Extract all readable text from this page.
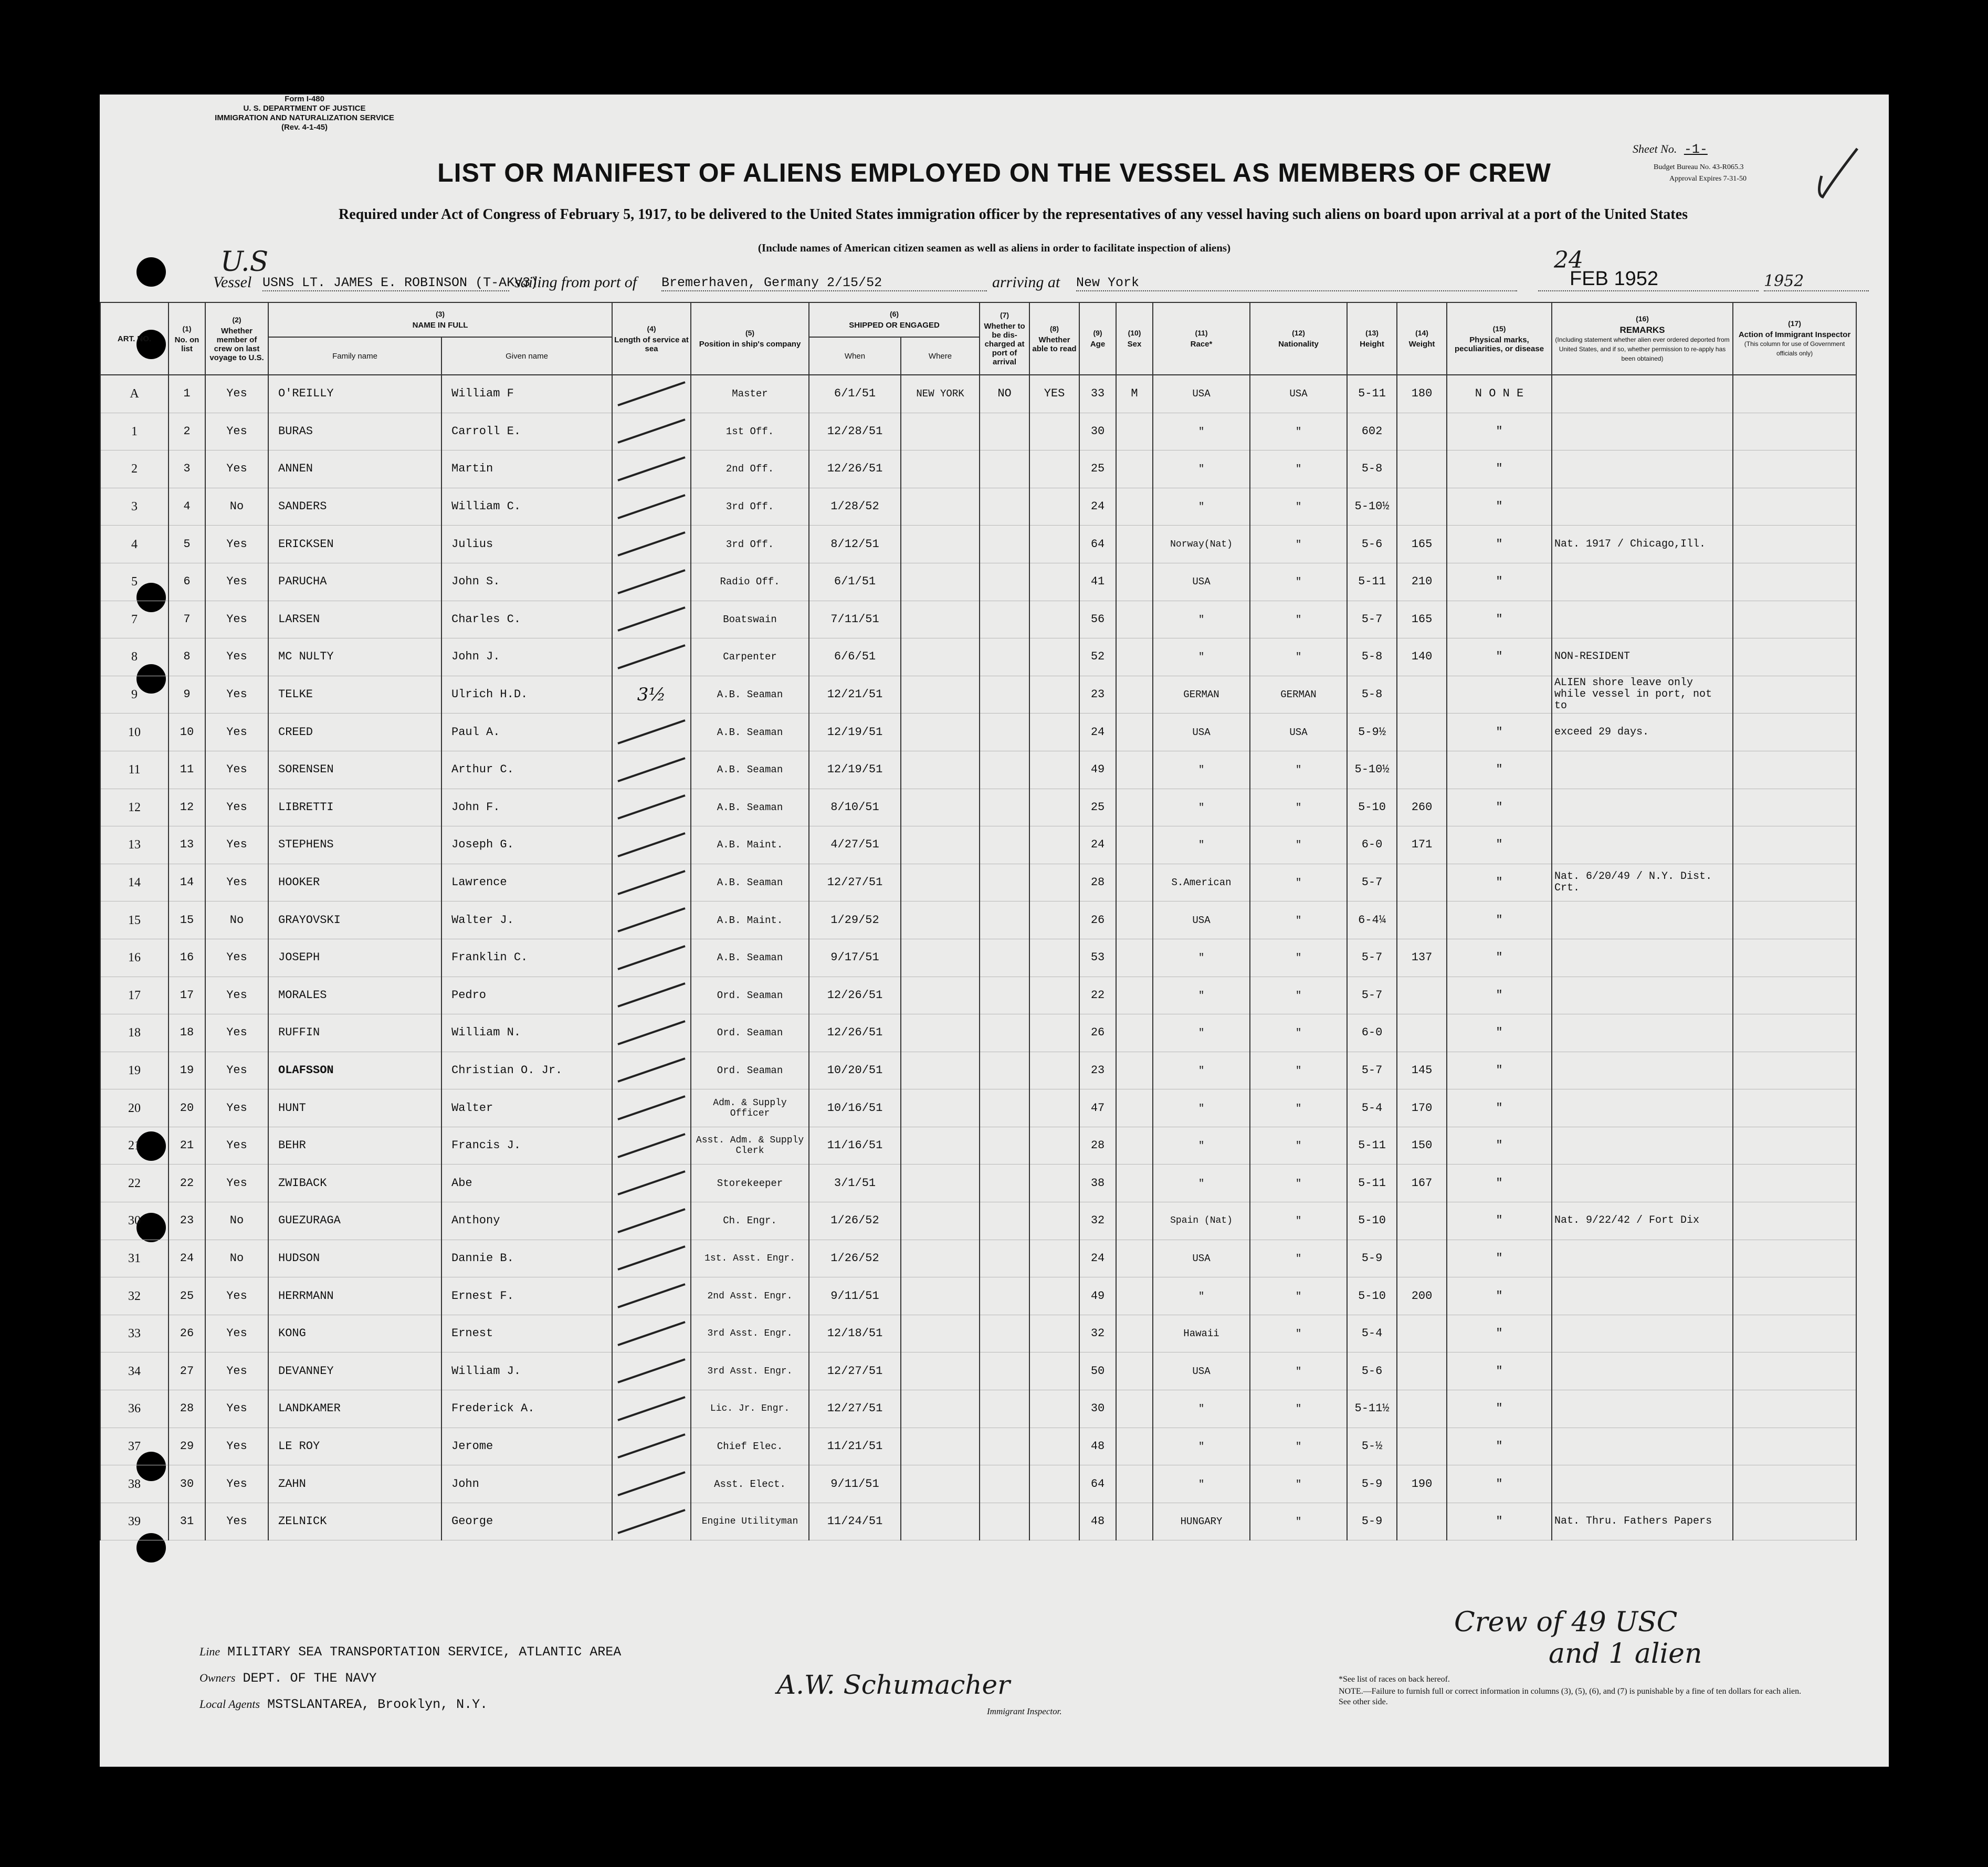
Form I-480
U. S. DEPARTMENT OF JUSTICE
IMMIGRATION AND NATURALIZATION SERVICE
(Rev. 4-1-45)
Sheet No. -1-
Budget Bureau No. 43-R065.3
Approval Expires 7-31-50
LIST OR MANIFEST OF ALIENS EMPLOYED ON THE VESSEL AS MEMBERS OF CREW
Required under Act of Congress of February 5, 1917, to be delivered to the United States immigration officer by the representatives of any vessel having such aliens on board upon arrival at a port of the United States
(Include names of American citizen seamen as well as aliens in order to facilitate inspection of aliens)
U.S
Vessel USNS LT. JAMES E. ROBINSON (T-AKV3)
sailing from port of Bremerhaven, Germany 2/15/52	arriving at New York
24
FEB 1952	1952
ART. NO.	(1)
No. on list	(2)
Whether member of crew on last voyage to U.S.	(3)
NAME IN FULL		(4)
Length of service at sea	(5)
Position in ship's company	(6)
SHIPPED OR ENGAGED		(7)
Whether to be dis-charged at port of arrival	(8)
Whether able to read	(9)
Age	(10)
Sex	(11)
Race*	(12)
Nationality	(13)
Height	(14)
Weight	(15)
Physical marks, peculiarities, or disease	(16)
REMARKS
(Including statement whether alien ever ordered deported from United States, and if so, whether permission to re-apply has been obtained)	(17)
Action of Immigrant Inspector
(This column for use of Government officials only)
			Family name	Given name			When	Where											
A	1	Yes	O'REILLY	William F		Master	6/1/51	NEW YORK	NO	YES	33	M	USA	USA	5-11	180	N O N E		
1	2	Yes	BURAS	Carroll E.		1st Off.	12/28/51				30		"	"	602		"		
2	3	Yes	ANNEN	Martin		2nd Off.	12/26/51				25		"	"	5-8		"		
3	4	No	SANDERS	William C.		3rd Off.	1/28/52				24		"	"	5-10½		"		
4	5	Yes	ERICKSEN	Julius		3rd Off.	8/12/51				64		Norway(Nat)	"	5-6	165	"	Nat. 1917 / Chicago,Ill.	
5	6	Yes	PARUCHA	John S.		Radio Off.	6/1/51				41		USA	"	5-11	210	"		
7	7	Yes	LARSEN	Charles C.		Boatswain	7/11/51				56		"	"	5-7	165	"		
8	8	Yes	MC NULTY	John J.		Carpenter	6/6/51				52		"	"	5-8	140	"	NON-RESIDENT	
9	9	Yes	TELKE	Ulrich H.D.	3½	A.B. Seaman	12/21/51				23		GERMAN	GERMAN	5-8			ALIEN shore leave only while vessel in port, not to	
10	10	Yes	CREED	Paul A.		A.B. Seaman	12/19/51				24		USA	USA	5-9½		"	exceed 29 days.	
11	11	Yes	SORENSEN	Arthur C.		A.B. Seaman	12/19/51				49		"	"	5-10½		"		
12	12	Yes	LIBRETTI	John F.		A.B. Seaman	8/10/51				25		"	"	5-10	260	"		
13	13	Yes	STEPHENS	Joseph G.		A.B. Maint.	4/27/51				24		"	"	6-0	171	"		
14	14	Yes	HOOKER	Lawrence		A.B. Seaman	12/27/51				28		S.American	"	5-7		"	Nat. 6/20/49 / N.Y. Dist. Crt.	
15	15	No	GRAYOVSKI	Walter J.		A.B. Maint.	1/29/52				26		USA	"	6-4¼		"		
16	16	Yes	JOSEPH	Franklin C.		A.B. Seaman	9/17/51				53		"	"	5-7	137	"		
17	17	Yes	MORALES	Pedro		Ord. Seaman	12/26/51				22		"	"	5-7		"		
18	18	Yes	RUFFIN	William N.		Ord. Seaman	12/26/51				26		"	"	6-0		"		
19	19	Yes	OLAFSSON	Christian O. Jr.		Ord. Seaman	10/20/51				23		"	"	5-7	145	"		
20	20	Yes	HUNT	Walter		Adm. & Supply Officer	10/16/51				47		"	"	5-4	170	"		
21	21	Yes	BEHR	Francis J.		Asst. Adm. & Supply Clerk	11/16/51				28		"	"	5-11	150	"		
22	22	Yes	ZWIBACK	Abe		Storekeeper	3/1/51				38		"	"	5-11	167	"		
30	23	No	GUEZURAGA	Anthony		Ch. Engr.	1/26/52				32		Spain (Nat)	"	5-10		"	Nat. 9/22/42 / Fort Dix	
31	24	No	HUDSON	Dannie B.		1st. Asst. Engr.	1/26/52				24		USA	"	5-9		"		
32	25	Yes	HERRMANN	Ernest F.		2nd Asst. Engr.	9/11/51				49		"	"	5-10	200	"		
33	26	Yes	KONG	Ernest		3rd Asst. Engr.	12/18/51				32		Hawaii	"	5-4		"		
34	27	Yes	DEVANNEY	William J.		3rd Asst. Engr.	12/27/51				50		USA	"	5-6		"		
36	28	Yes	LANDKAMER	Frederick A.		Lic. Jr. Engr.	12/27/51				30		"	"	5-11½		"		
37	29	Yes	LE ROY	Jerome		Chief Elec.	11/21/51				48		"	"	5-½		"		
38	30	Yes	ZAHN	John		Asst. Elect.	9/11/51				64		"	"	5-9	190	"		
39	31	Yes	ZELNICK	George		Engine Utilityman	11/24/51				48		HUNGARY	"	5-9		"	Nat. Thru. Fathers Papers	
Line MILITARY SEA TRANSPORTATION SERVICE, ATLANTIC AREA
Owners DEPT. OF THE NAVY
Local Agents MSTSLANTAREA, Brooklyn, N.Y.
A.W. Schumacher
Immigrant Inspector.
Crew of 49 USC
and 1 alien
*See list of races on back hereof.
NOTE.—Failure to furnish full or correct information in columns (3), (5), (6), and (7) is punishable by a fine of ten dollars for each alien. See other side.
